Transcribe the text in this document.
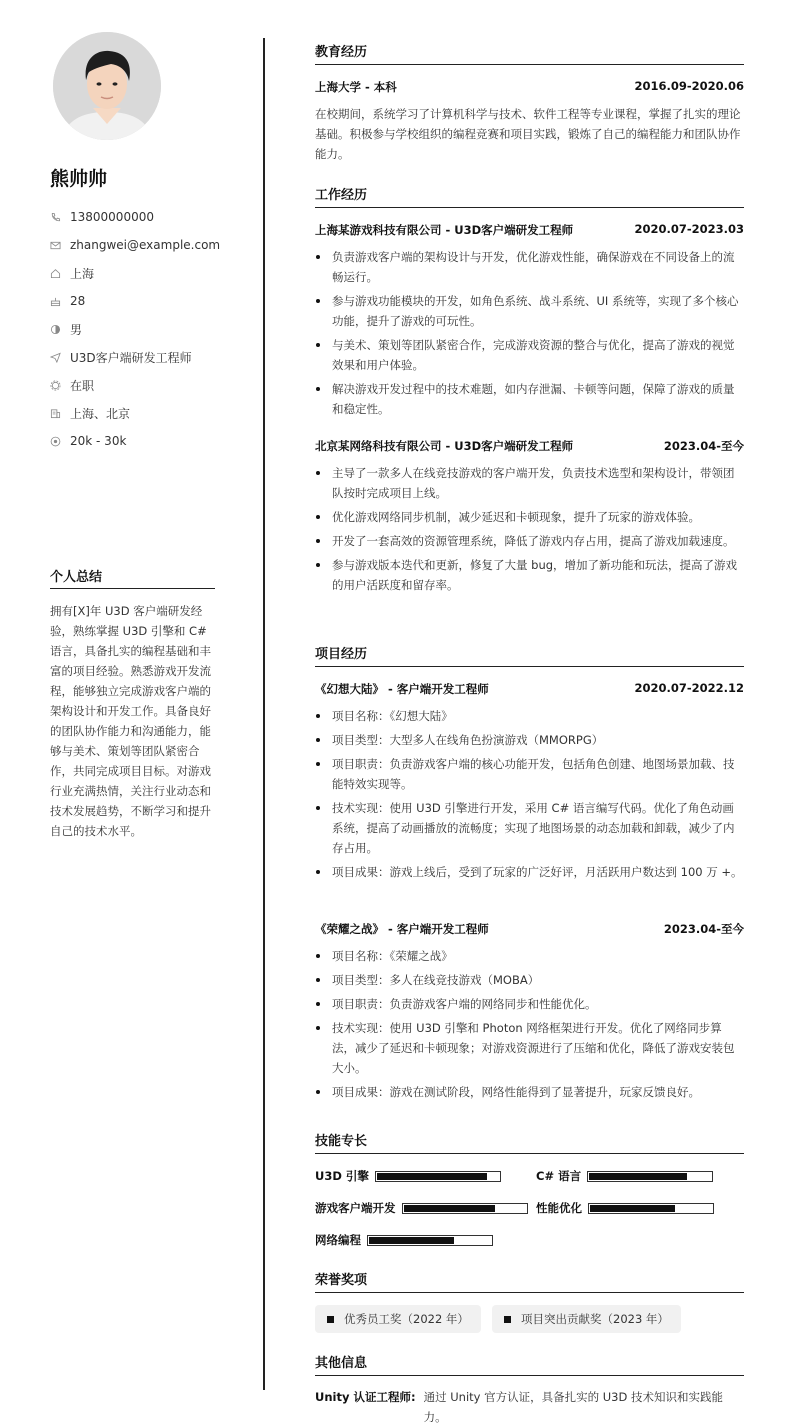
熊帅帅
13800000000
zhangwei@example.com
上海
28
男
U3D客户端研发工程师
在职
上海、北京
20k - 30k
个人总结
拥有[X]年 U3D 客户端研发经验，熟练掌握 U3D 引擎和 C# 语言，具备扎实的编程基础和丰富的项目经验。熟悉游戏开发流程，能够独立完成游戏客户端的架构设计和开发工作。具备良好的团队协作能力和沟通能力，能够与美术、策划等团队紧密合作，共同完成项目目标。对游戏行业充满热情，关注行业动态和技术发展趋势，不断学习和提升自己的技术水平。
教育经历
上海大学 - 本科	2016.09-2020.06
在校期间，系统学习了计算机科学与技术、软件工程等专业课程，掌握了扎实的理论基础。积极参与学校组织的编程竞赛和项目实践，锻炼了自己的编程能力和团队协作能力。
工作经历
上海某游戏科技有限公司 - U3D客户端研发工程师	2020.07-2023.03
负责游戏客户端的架构设计与开发，优化游戏性能，确保游戏在不同设备上的流畅运行。
参与游戏功能模块的开发，如角色系统、战斗系统、UI 系统等，实现了多个核心功能，提升了游戏的可玩性。
与美术、策划等团队紧密合作，完成游戏资源的整合与优化，提高了游戏的视觉效果和用户体验。
解决游戏开发过程中的技术难题，如内存泄漏、卡顿等问题，保障了游戏的质量和稳定性。
北京某网络科技有限公司 - U3D客户端研发工程师	2023.04-至今
主导了一款多人在线竞技游戏的客户端开发，负责技术选型和架构设计，带领团队按时完成项目上线。
优化游戏网络同步机制，减少延迟和卡顿现象，提升了玩家的游戏体验。
开发了一套高效的资源管理系统，降低了游戏内存占用，提高了游戏加载速度。
参与游戏版本迭代和更新，修复了大量 bug，增加了新功能和玩法，提高了游戏的用户活跃度和留存率。
项目经历
《幻想大陆》 - 客户端开发工程师	2020.07-2022.12
项目名称：《幻想大陆》
项目类型：大型多人在线角色扮演游戏（MMORPG）
项目职责：负责游戏客户端的核心功能开发，包括角色创建、地图场景加载、技能特效实现等。
技术实现：使用 U3D 引擎进行开发，采用 C# 语言编写代码。优化了角色动画系统，提高了动画播放的流畅度；实现了地图场景的动态加载和卸载，减少了内存占用。
项目成果：游戏上线后，受到了玩家的广泛好评，月活跃用户数达到 100 万 +。
《荣耀之战》 - 客户端开发工程师	2023.04-至今
项目名称：《荣耀之战》
项目类型：多人在线竞技游戏（MOBA）
项目职责：负责游戏客户端的网络同步和性能优化。
技术实现：使用 U3D 引擎和 Photon 网络框架进行开发。优化了网络同步算法，减少了延迟和卡顿现象；对游戏资源进行了压缩和优化，降低了游戏安装包大小。
项目成果：游戏在测试阶段，网络性能得到了显著提升，玩家反馈良好。
技能专长
U3D 引擎	C# 语言
游戏客户端开发	性能优化
网络编程
荣誉奖项
优秀员工奖（2022 年）	项目突出贡献奖（2023 年）
其他信息
Unity 认证工程师: 通过 Unity 官方认证，具备扎实的 U3D 技术知识和实践能力。
